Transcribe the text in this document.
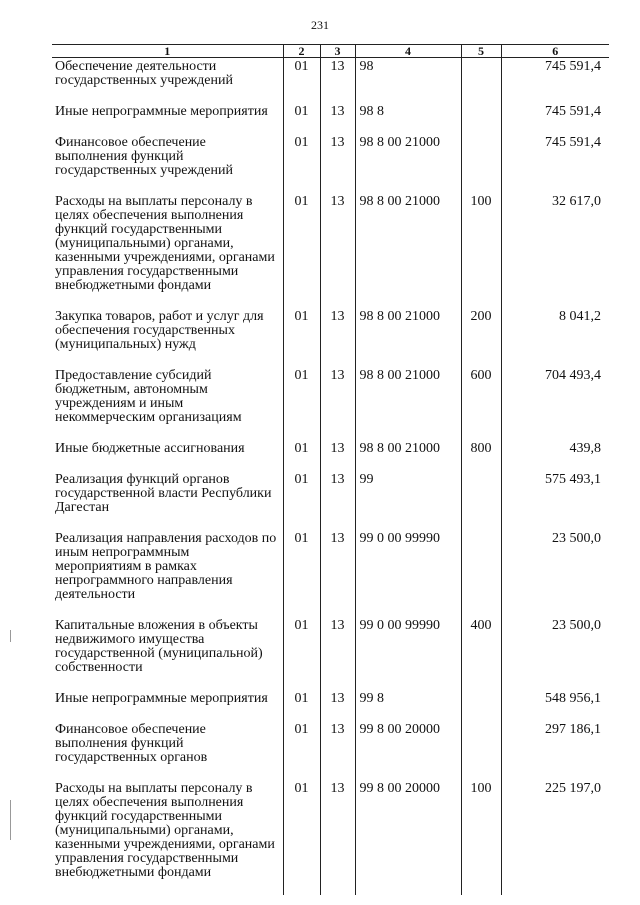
231
1	2	3	4	5	6
Обеспечение деятельности государственных учреждений	01	13	98		745 591,4
Иные непрограммные мероприятия	01	13	98 8		745 591,4
Финансовое обеспечение выполнения функций государственных учреждений	01	13	98 8 00 21000		745 591,4
Расходы на выплаты персоналу в целях обеспечения выполнения функций государственными (муниципальными) органами, казенными учреждениями, органами управления государственными внебюджетными фондами	01	13	98 8 00 21000	100	32 617,0
Закупка товаров, работ и услуг для обеспечения государственных (муниципальных) нужд	01	13	98 8 00 21000	200	8 041,2
Предоставление субсидий бюджетным, автономным учреждениям и иным некоммерческим организациям	01	13	98 8 00 21000	600	704 493,4
Иные бюджетные ассигнования	01	13	98 8 00 21000	800	439,8
Реализация функций органов государственной власти Республики Дагестан	01	13	99		575 493,1
Реализация направления расходов по иным непрограммным мероприятиям в рамках непрограммного направления деятельности	01	13	99 0 00 99990		23 500,0
Капитальные вложения в объекты недвижимого имущества государственной (муниципальной) собственности	01	13	99 0 00 99990	400	23 500,0
Иные непрограммные мероприятия	01	13	99 8		548 956,1
Финансовое обеспечение выполнения функций государственных органов	01	13	99 8 00 20000		297 186,1
Расходы на выплаты персоналу в целях обеспечения выполнения функций государственными (муниципальными) органами, казенными учреждениями, органами управления государственными внебюджетными фондами	01	13	99 8 00 20000	100	225 197,0
